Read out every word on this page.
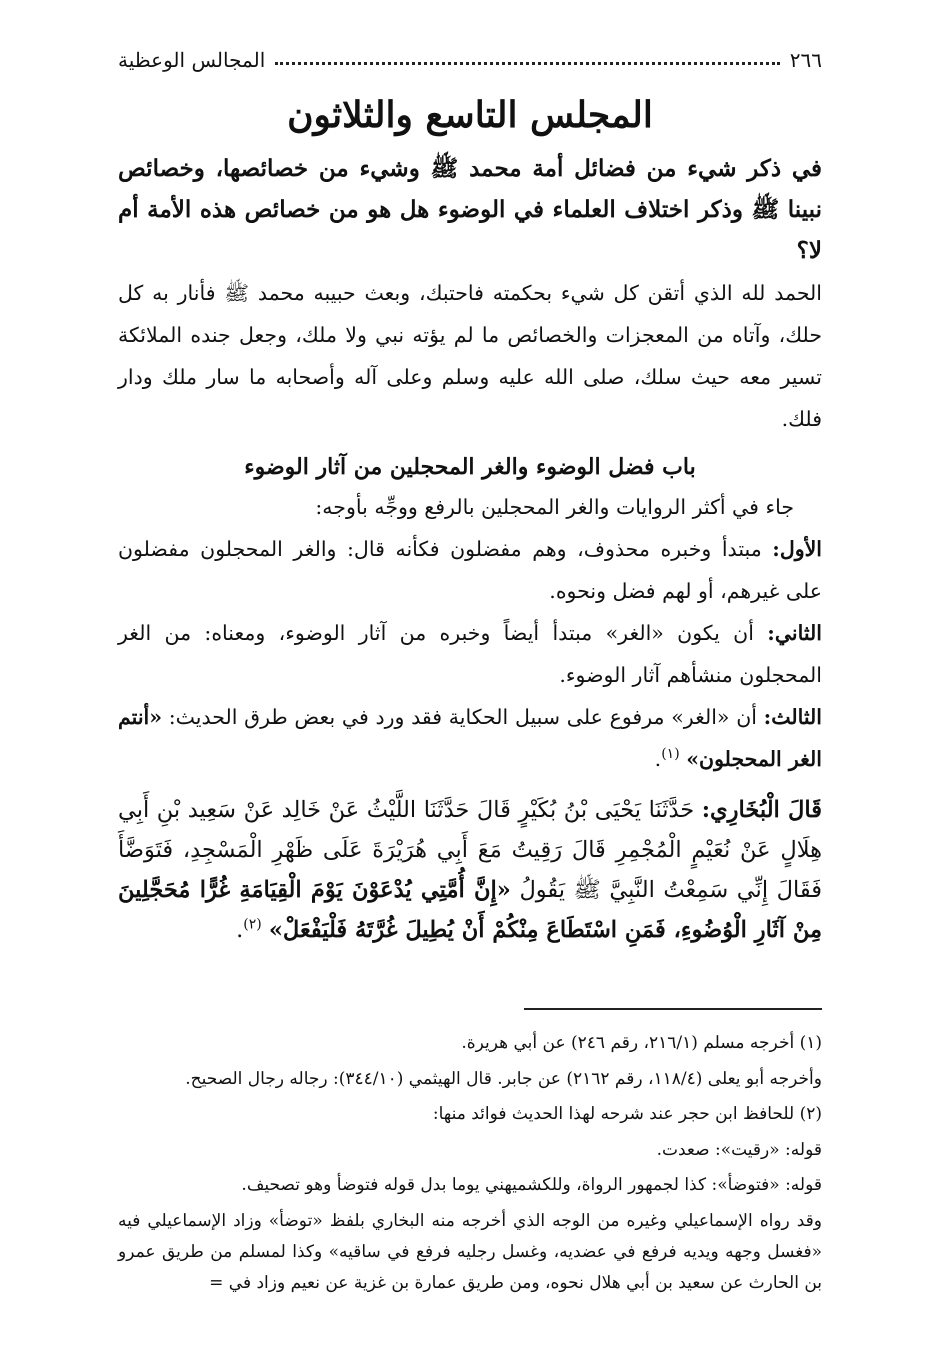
٢٦٦
المجالس الوعظية
المجلس التاسع والثلاثون

في ذكر شيء من فضائل أمة محمد ﷺ وشيء من خصائصها، وخصائص نبينا ﷺ وذكر اختلاف العلماء في الوضوء هل هو من خصائص هذه الأمة أم لا؟

الحمد لله الذي أتقن كل شيء بحكمته فاحتبك، وبعث حبيبه محمد ﷺ فأنار به كل حلك، وآتاه من المعجزات والخصائص ما لم يؤته نبي ولا ملك، وجعل جنده الملائكة تسير معه حيث سلك، صلى الله عليه وسلم وعلى آله وأصحابه ما سار ملك ودار فلك.

باب فضل الوضوء والغر المحجلين من آثار الوضوء

جاء في أكثر الروايات والغر المحجلين بالرفع ووجِّه بأوجه:

الأول: مبتدأ وخبره محذوف، وهم مفضلون فكأنه قال: والغر المحجلون مفضلون على غيرهم، أو لهم فضل ونحوه.

الثاني: أن يكون «الغر» مبتدأ أيضاً وخبره من آثار الوضوء، ومعناه: من الغر المحجلون منشأهم آثار الوضوء.

الثالث: أن «الغر» مرفوع على سبيل الحكاية فقد ورد في بعض طرق الحديث: «أنتم الغر المحجلون» $^{(١)}$.

قَالَ الْبُخَارِي: حَدَّثَنَا يَحْيَى بْنُ بُكَيْرٍ قَالَ حَدَّثَنَا اللَّيْثُ عَنْ خَالِد عَنْ سَعِيد بْنِ أَبِي هِلَالٍ عَنْ نُعَيْمٍ الْمُجْمِرِ قَالَ رَقِيتُ مَعَ أَبِي هُرَيْرَةَ عَلَى ظَهْرِ الْمَسْجِدِ، فَتَوَضَّأَ فَقَالَ إِنِّي سَمِعْتُ النَّبِيَّ ﷺ يَقُولُ «إِنَّ أُمَّتِي يُدْعَوْنَ يَوْمَ الْقِيَامَةِ غُرًّا مُحَجَّلِينَ مِنْ آثَارِ الْوُضُوءِ، فَمَنِ اسْتَطَاعَ مِنْكُمْ أَنْ يُطِيلَ غُرَّتَهُ فَلْيَفْعَلْ» $^{(٢)}$.

(١) أخرجه مسلم (٢١٦/١، رقم ٢٤٦) عن أبي هريرة.

وأخرجه أبو يعلى (١١٨/٤، رقم ٢١٦٢) عن جابر. قال الهيثمي (٣٤٤/١٠): رجاله رجال الصحيح.

(٢) للحافظ ابن حجر عند شرحه لهذا الحديث فوائد منها:

قوله: «رقيت»: صعدت.

قوله: «فتوضأ»: كذا لجمهور الرواة، وللكشميهني يوما بدل قوله فتوضأ وهو تصحيف.

وقد رواه الإسماعيلي وغيره من الوجه الذي أخرجه منه البخاري بلفظ «توضأ» وزاد الإسماعيلي فيه «فغسل وجهه ويديه فرفع في عضديه، وغسل رجليه فرفع في ساقيه» وكذا لمسلم من طريق عمرو بن الحارث عن سعيد بن أبي هلال نحوه، ومن طريق عمارة بن غزية عن نعيم وزاد في =
